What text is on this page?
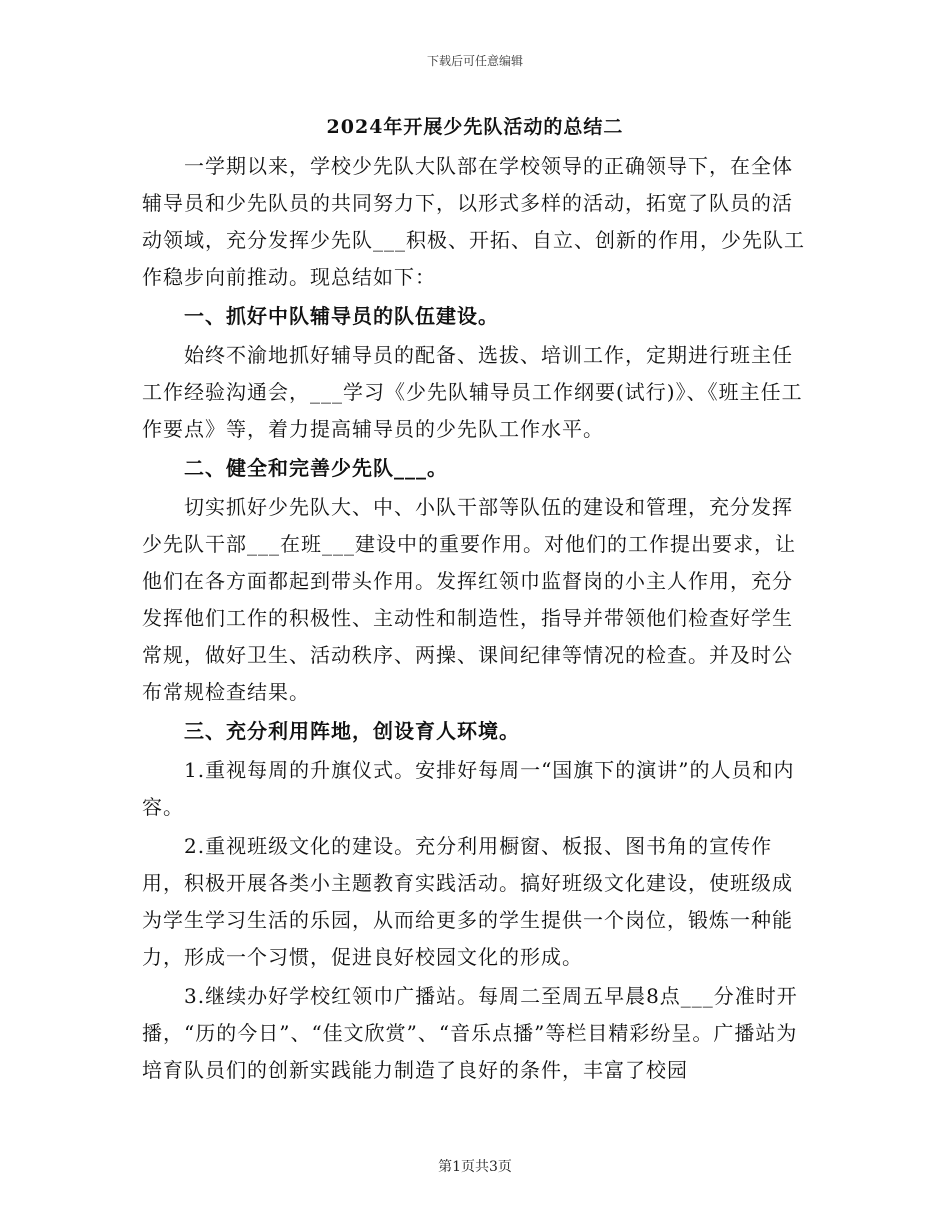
下载后可任意编辑
2024年开展少先队活动的总结二

一学期以来，学校少先队大队部在学校领导的正确领导下，在全体辅导员和少先队员的共同努力下，以形式多样的活动，拓宽了队员的活动领域，充分发挥少先队___积极、开拓、自立、创新的作用，少先队工作稳步向前推动。现总结如下：

一、抓好中队辅导员的队伍建设。

始终不渝地抓好辅导员的配备、选拔、培训工作，定期进行班主任工作经验沟通会，___学习《少先队辅导员工作纲要(试行)》、《班主任工作要点》等，着力提高辅导员的少先队工作水平。

二、健全和完善少先队___。

切实抓好少先队大、中、小队干部等队伍的建设和管理，充分发挥少先队干部___在班___建设中的重要作用。对他们的工作提出要求，让他们在各方面都起到带头作用。发挥红领巾监督岗的小主人作用，充分发挥他们工作的积极性、主动性和制造性，指导并带领他们检查好学生常规，做好卫生、活动秩序、两操、课间纪律等情况的检查。并及时公布常规检查结果。

三、充分利用阵地，创设育人环境。

1.重视每周的升旗仪式。安排好每周一“国旗下的演讲”的人员和内容。

2.重视班级文化的建设。充分利用橱窗、板报、图书角的宣传作用，积极开展各类小主题教育实践活动。搞好班级文化建设，使班级成为学生学习生活的乐园，从而给更多的学生提供一个岗位，锻炼一种能力，形成一个习惯，促进良好校园文化的形成。

3.继续办好学校红领巾广播站。每周二至周五早晨8点___分准时开播，“历的今日”、“佳文欣赏”、“音乐点播”等栏目精彩纷呈。广播站为培育队员们的创新实践能力制造了良好的条件，丰富了校园

第1页共3页
